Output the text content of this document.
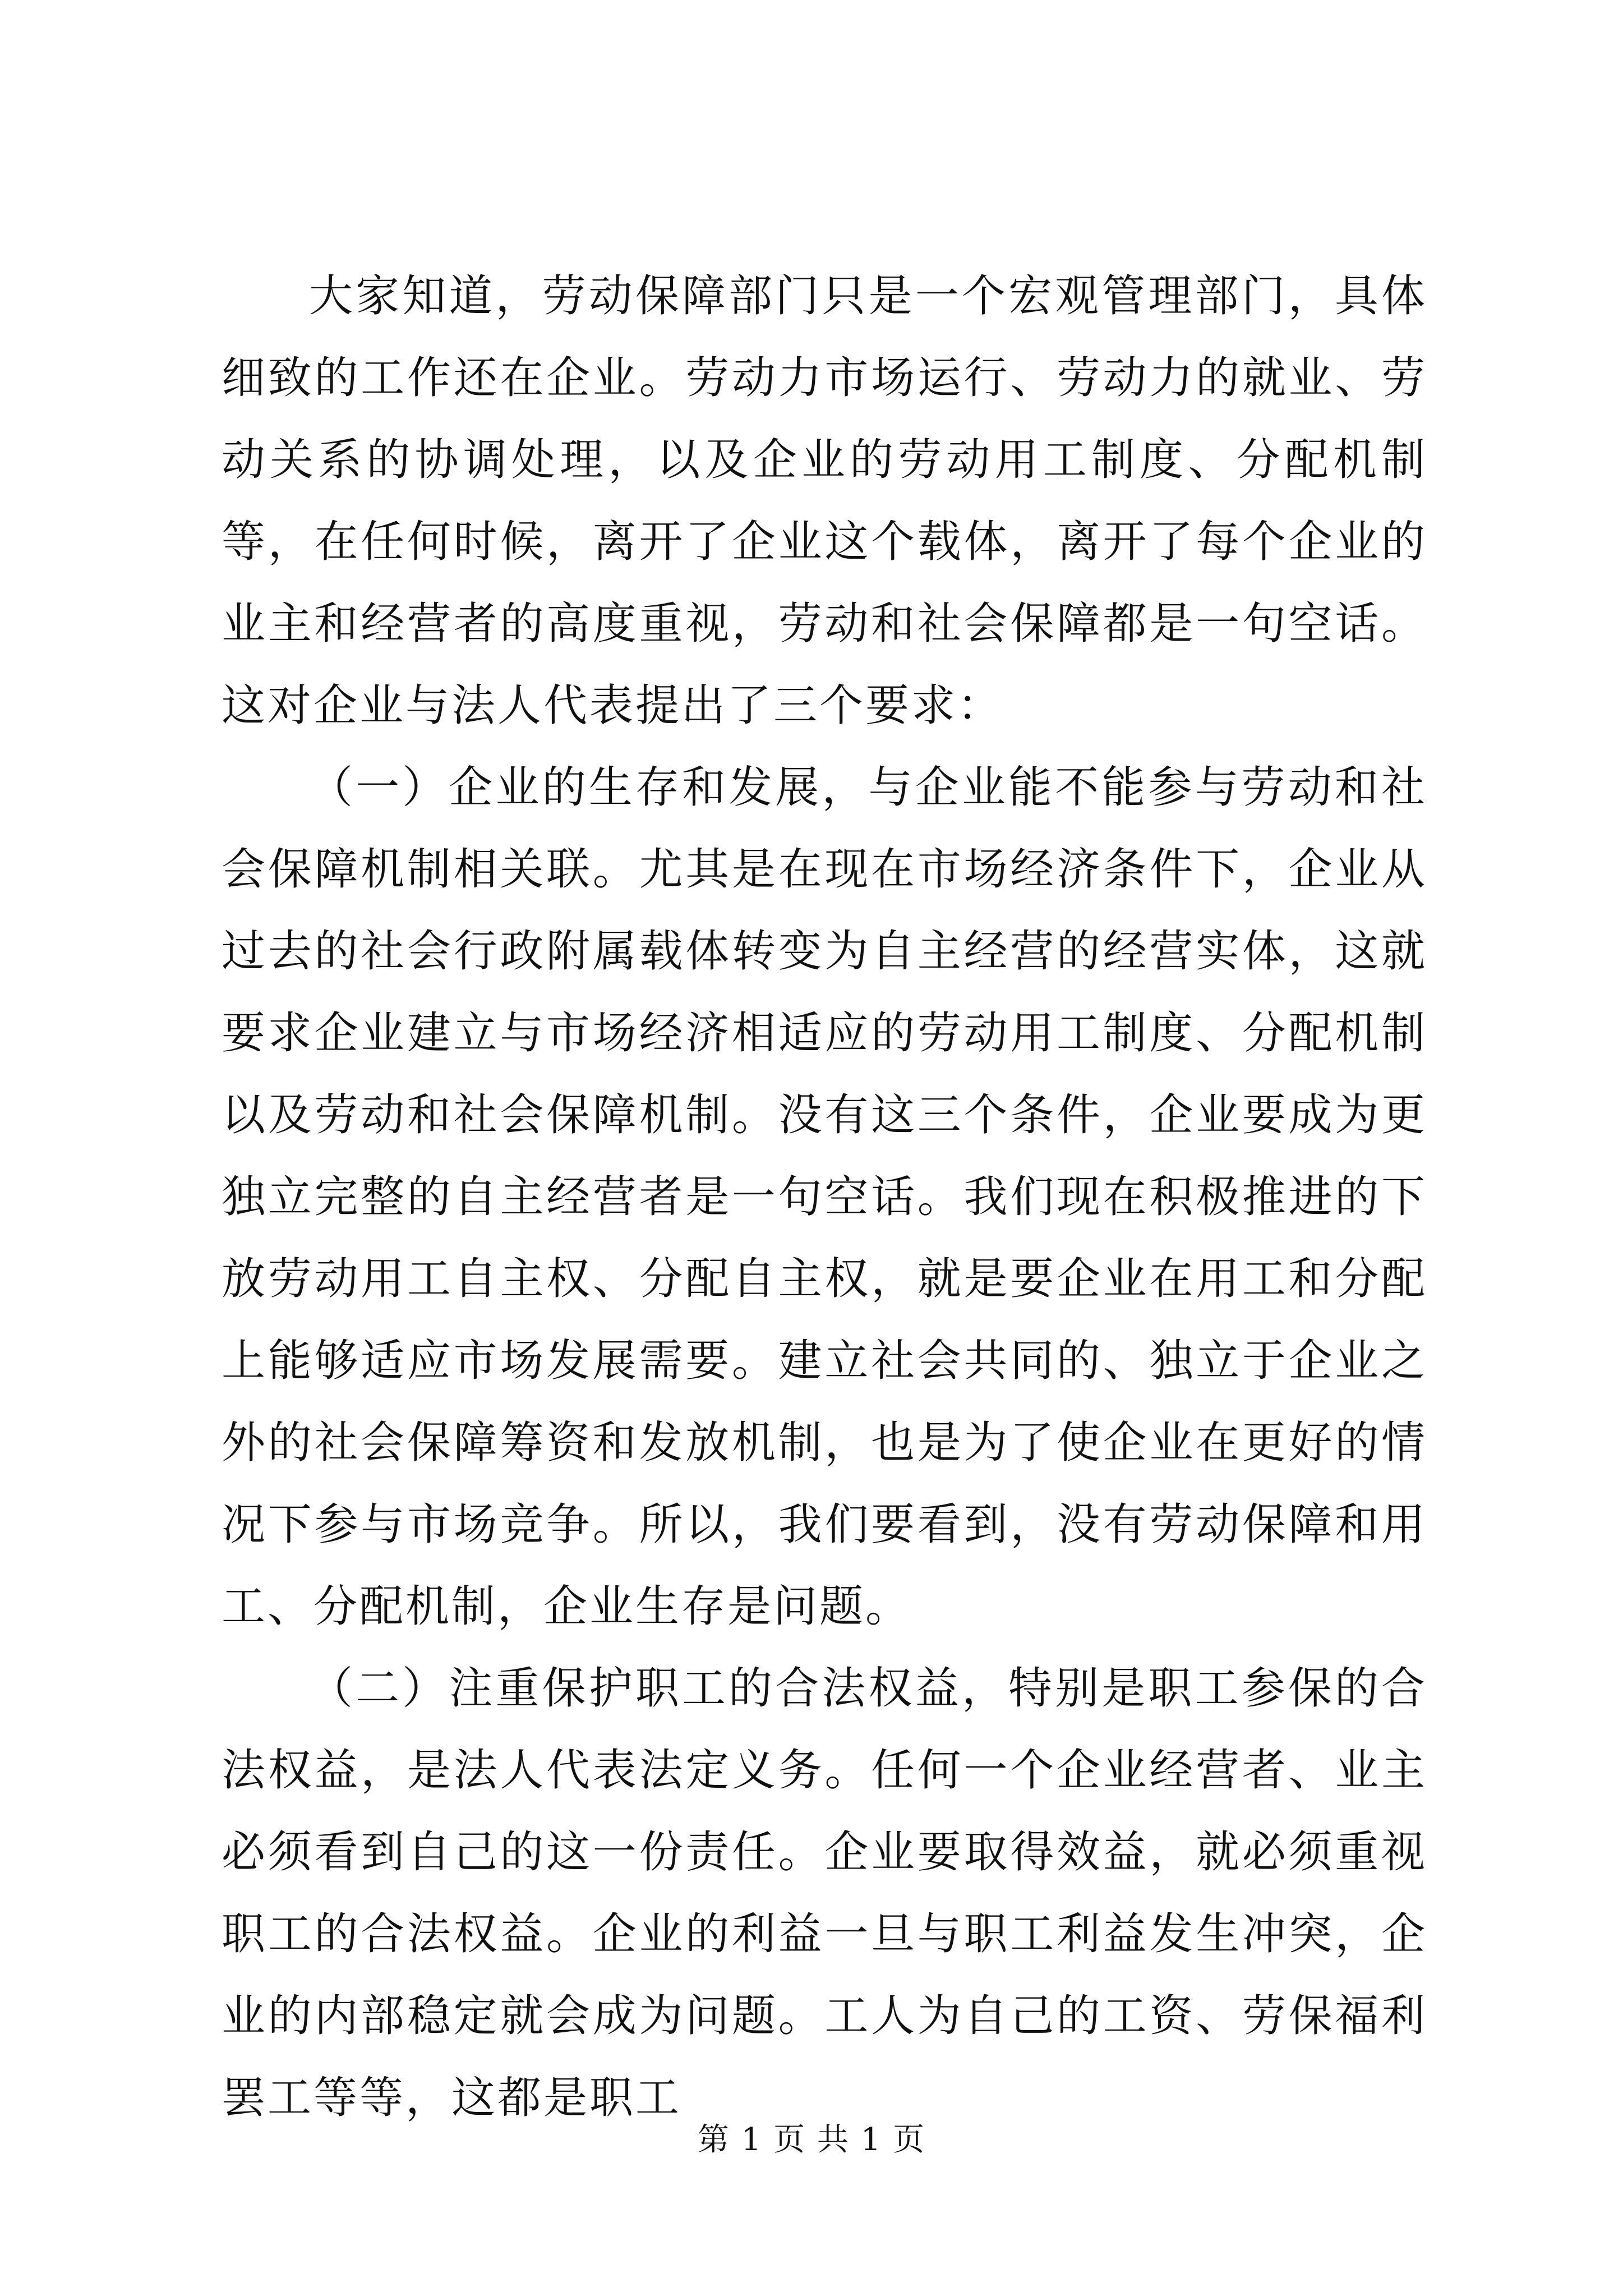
大家知道，劳动保障部门只是一个宏观管理部门，具体细致的工作还在企业。劳动力市场运行、劳动力的就业、劳动关系的协调处理，以及企业的劳动用工制度、分配机制等，在任何时候，离开了企业这个载体，离开了每个企业的业主和经营者的高度重视，劳动和社会保障都是一句空话。这对企业与法人代表提出了三个要求：

（一）企业的生存和发展，与企业能不能参与劳动和社会保障机制相关联。尤其是在现在市场经济条件下，企业从过去的社会行政附属载体转变为自主经营的经营实体，这就要求企业建立与市场经济相适应的劳动用工制度、分配机制以及劳动和社会保障机制。没有这三个条件，企业要成为更独立完整的自主经营者是一句空话。我们现在积极推进的下放劳动用工自主权、分配自主权，就是要企业在用工和分配上能够适应市场发展需要。建立社会共同的、独立于企业之外的社会保障筹资和发放机制，也是为了使企业在更好的情况下参与市场竞争。所以，我们要看到，没有劳动保障和用工、分配机制，企业生存是问题。

（二）注重保护职工的合法权益，特别是职工参保的合法权益，是法人代表法定义务。任何一个企业经营者、业主必须看到自己的这一份责任。企业要取得效益，就必须重视职工的合法权益。企业的利益一旦与职工利益发生冲突，企业的内部稳定就会成为问题。工人为自己的工资、劳保福利罢工等等，这都是职工

第 1 页 共 1 页
